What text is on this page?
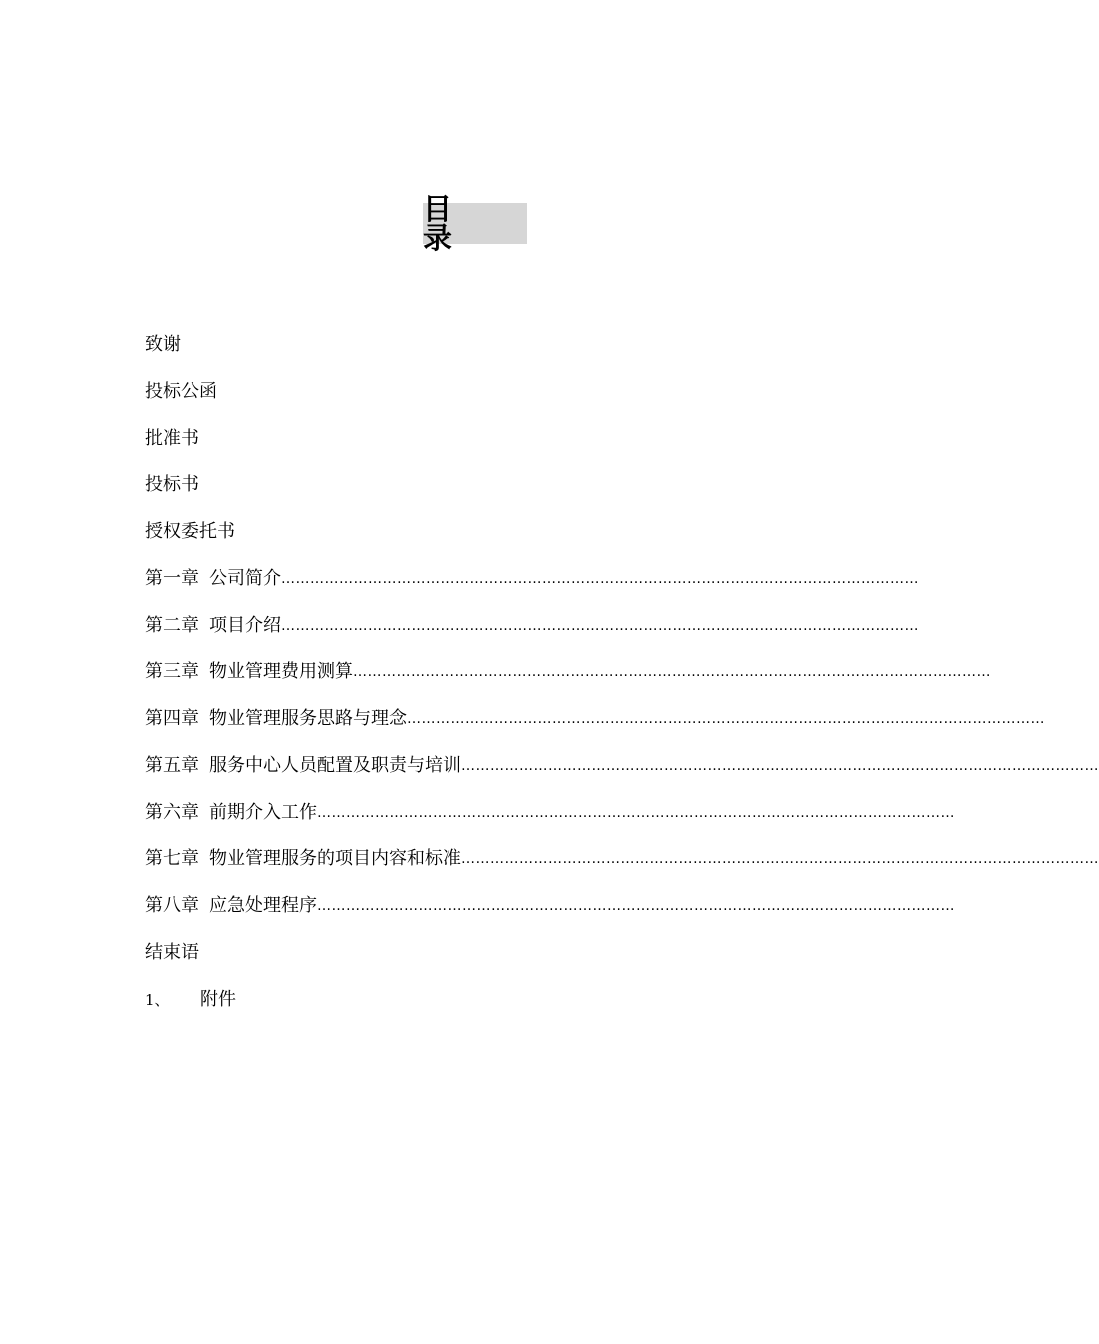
目　录
致谢
投标公函
批准书
投标书
授权委托书
第一章 公司简介 ……………………………………………………………………………………………………………………
第二章 项目介绍 ……………………………………………………………………………………………………………………
第三章 物业管理费用测算 ……………………………………………………………………………………………………………………
第四章 物业管理服务思路与理念 ……………………………………………………………………………………………………………………
第五章 服务中心人员配置及职责与培训 ……………………………………………………………………………………………………………………
第六章 前期介入工作 ……………………………………………………………………………………………………………………
第七章 物业管理服务的项目内容和标准 ……………………………………………………………………………………………………………………
第八章 应急处理程序 ……………………………………………………………………………………………………………………
结束语
1、	附件
